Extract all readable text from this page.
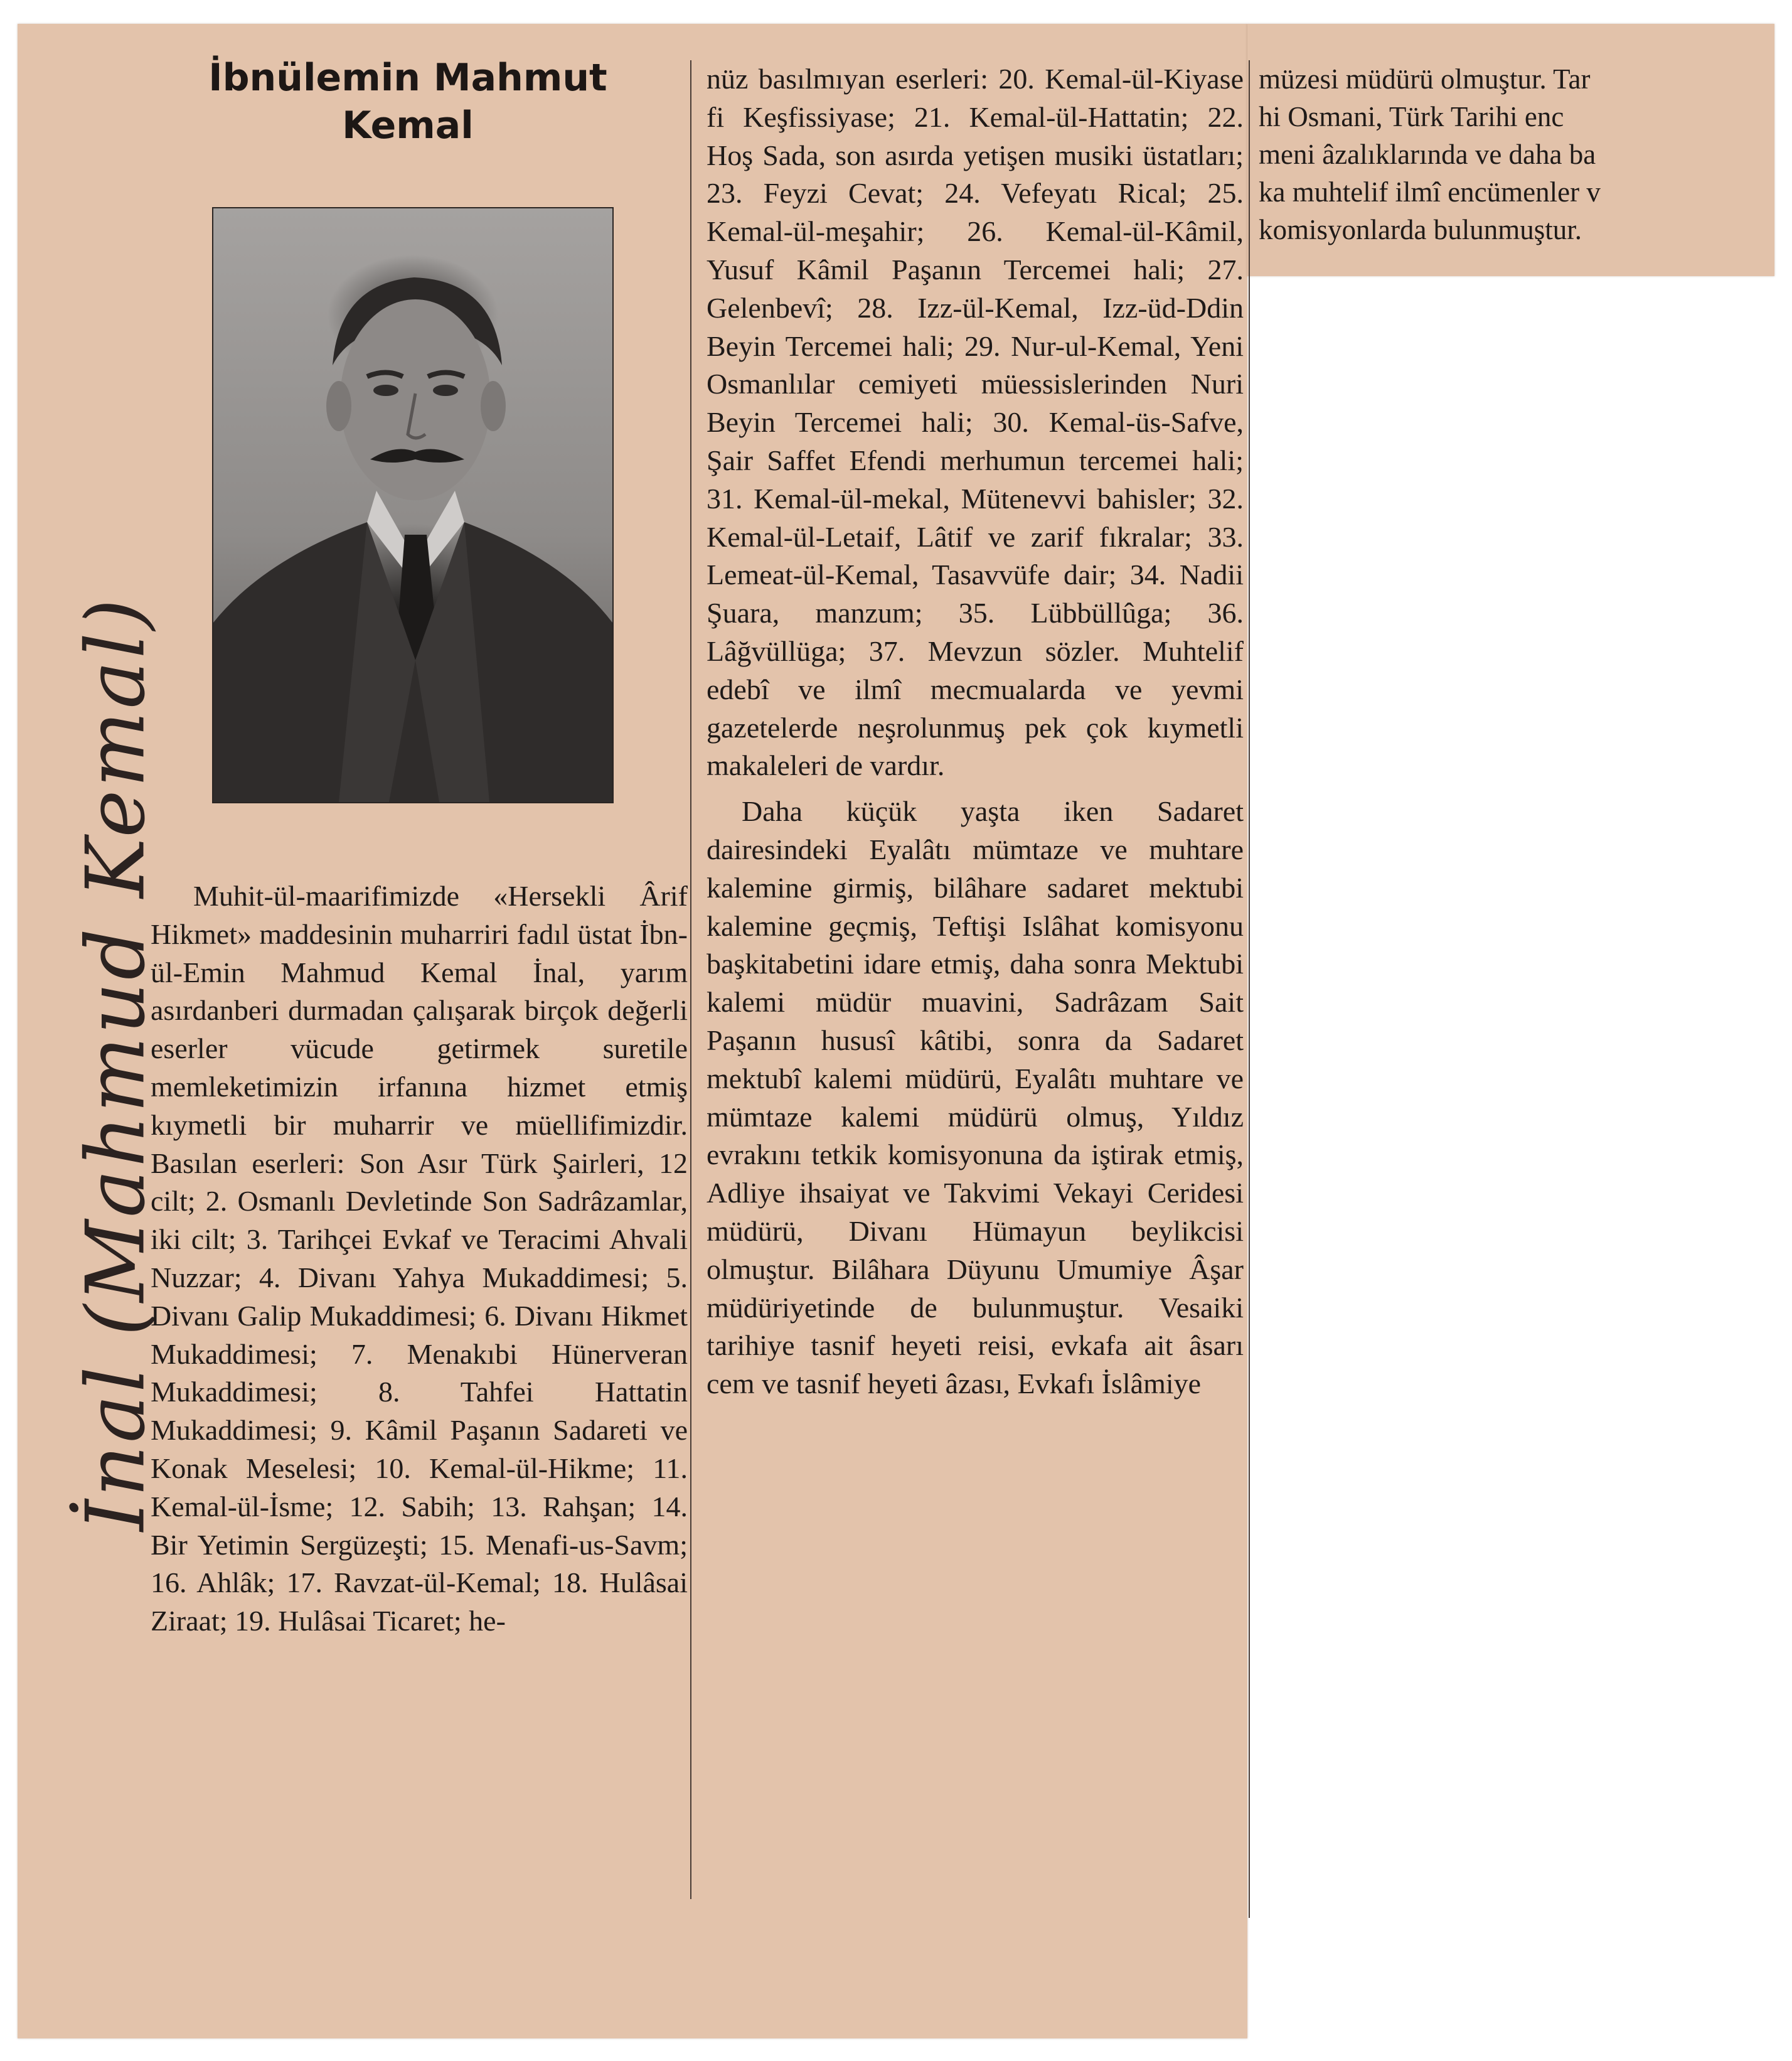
İbnülemin Mahmut
Kemal
İnal (Mahmud Kemal)	Muhit-ül-maarifimizde «Hersekli Ârif Hikmet» maddesinin muharriri fadıl üstat İbn-ül-Emin Mahmud Kemal İnal, yarım asırdanberi durmadan çalışarak birçok değerli eserler vücude getirmek suretile memleketimizin irfanına hizmet etmiş kıymetli bir muharrir ve müellifimizdir. Basılan eserleri: Son Asır Türk Şairleri, 12 cilt; 2. Osmanlı Devletinde Son Sadrâzamlar, iki cilt; 3. Tarihçei Evkaf ve Teracimi Ahvali Nuzzar; 4. Divanı Yahya Mukaddimesi; 5. Divanı Galip Mukaddimesi; 6. Divanı Hikmet Mukaddimesi; 7. Menakıbi Hünerveran Mukaddimesi; 8. Tahfei Hattatin Mukaddimesi; 9. Kâmil Paşanın Sadareti ve Konak Meselesi; 10. Kemal-ül-Hikme; 11. Kemal-ül-İsme; 12. Sabih; 13. Rahşan; 14. Bir Yetimin Sergüzeşti; 15. Menafi-us-Savm; 16. Ahlâk; 17. Ravzat-ül-Kemal; 18. Hulâsai Ziraat; 19. Hulâsai Ticaret; he-

nüz basılmıyan eserleri: 20. Kemal-ül-Kiyase fi Keşfissiyase; 21. Kemal-ül-Hattatin; 22. Hoş Sada, son asırda yetişen musiki üstatları; 23. Feyzi Cevat; 24. Vefeyatı Rical; 25. Kemal-ül-meşahir; 26. Kemal-ül-Kâmil, Yusuf Kâmil Paşanın Tercemei hali; 27. Gelenbevî; 28. Izz-ül-Kemal, Izz-üd-Ddin Beyin Tercemei hali; 29. Nur-ul-Kemal, Yeni Osmanlılar cemiyeti müessislerinden Nuri Beyin Tercemei hali; 30. Kemal-üs-Safve, Şair Saffet Efendi merhumun tercemei hali; 31. Kemal-ül-mekal, Mütenevvi bahisler; 32. Kemal-ül-Letaif, Lâtif ve zarif fıkralar; 33. Lemeat-ül-Kemal, Tasavvüfe dair; 34. Nadii Şuara, manzum; 35. Lübbüllûga; 36. Lâğvüllüga; 37. Mevzun sözler. Muhtelif edebî ve ilmî mecmualarda ve yevmi gazetelerde neşrolunmuş pek çok kıymetli makaleleri de vardır.

Daha küçük yaşta iken Sadaret dairesindeki Eyalâtı mümtaze ve muhtare kalemine girmiş, bilâhare sadaret mektubi kalemine geçmiş, Teftişi Islâhat komisyonu başkitabetini idare etmiş, daha sonra Mektubi kalemi müdür muavini, Sadrâzam Sait Paşanın hususî kâtibi, sonra da Sadaret mektubî kalemi müdürü, Eyalâtı muhtare ve mümtaze kalemi müdürü olmuş, Yıldız evrakını tetkik komisyonuna da iştirak etmiş, Adliye ihsaiyat ve Takvimi Vekayi Ceridesi müdürü, Divanı Hümayun beylikcisi olmuştur. Bilâhara Düyunu Umumiye Âşar müdüriyetinde de bulunmuştur. Vesaiki tarihiye tasnif heyeti reisi, evkafa ait âsarı cem ve tasnif heyeti âzası, Evkafı İslâmiye

müzesi müdürü olmuştur. Tar

hi Osmani, Türk Tarihi enc

meni âzalıklarında ve daha ba

ka muhtelif ilmî encümenler v

komisyonlarda bulunmuştur.
